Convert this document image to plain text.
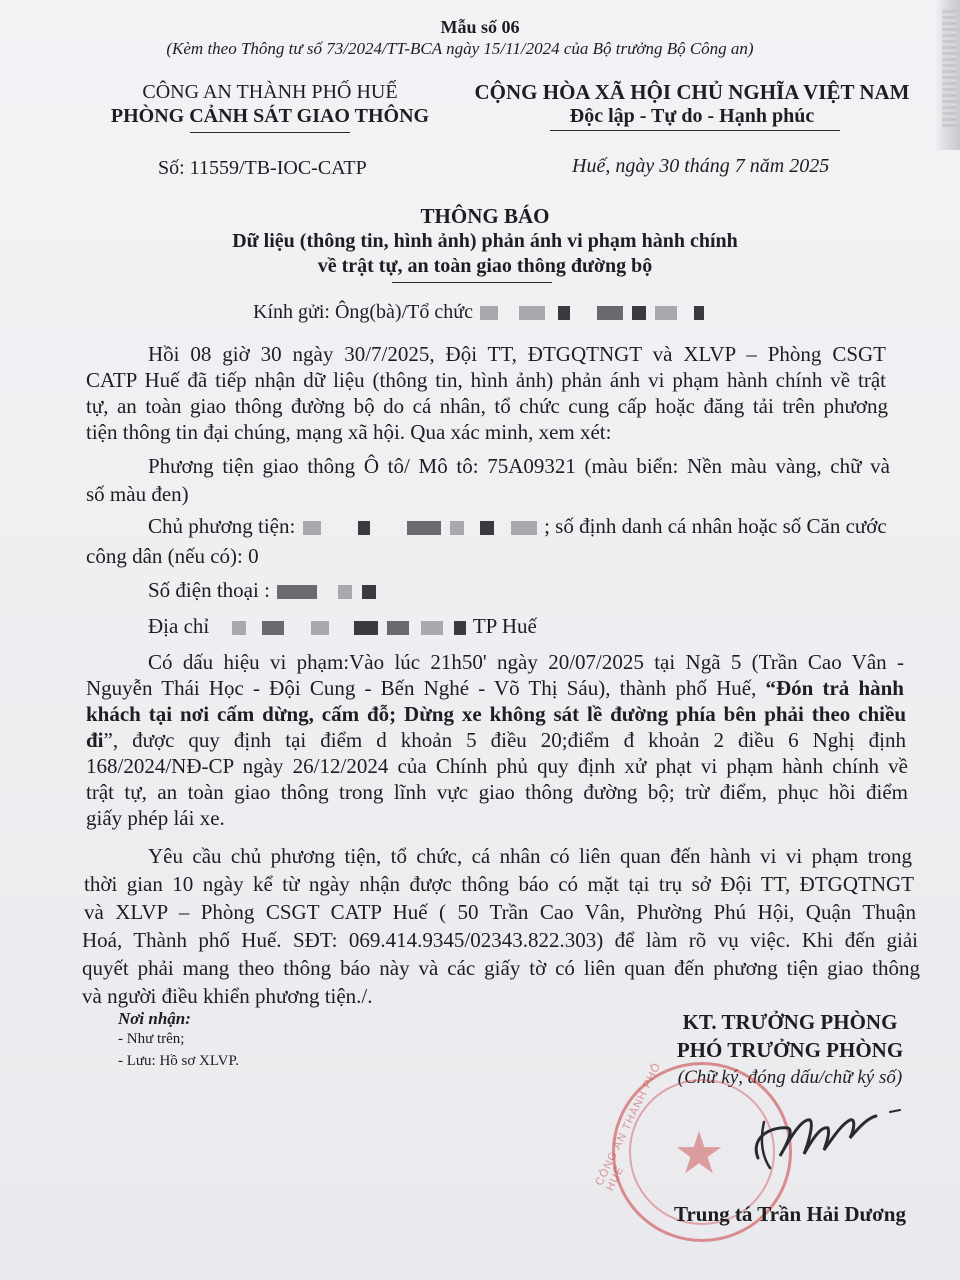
Mẫu số 06
(Kèm theo Thông tư số 73/2024/TT-BCA ngày 15/11/2024 của Bộ trưởng Bộ Công an)
CÔNG AN THÀNH PHỐ HUẾ
PHÒNG CẢNH SÁT GIAO THÔNG
CỘNG HÒA XÃ HỘI CHỦ NGHĨA VIỆT NAM
Độc lập - Tự do - Hạnh phúc
Số: 11559/TB-IOC-CATP	Huế, ngày 30 tháng 7 năm 2025
THÔNG BÁO
Dữ liệu (thông tin, hình ảnh) phản ánh vi phạm hành chính
về trật tự, an toàn giao thông đường bộ
Kính gửi: Ông(bà)/Tổ chức
Hồi 08 giờ 30 ngày 30/7/2025, Đội TT, ĐTGQTNGT và XLVP – Phòng CSGT
CATP Huế đã tiếp nhận dữ liệu (thông tin, hình ảnh) phản ánh vi phạm hành chính về trật
tự, an toàn giao thông đường bộ do cá nhân, tổ chức cung cấp hoặc đăng tải trên phương
tiện thông tin đại chúng, mạng xã hội. Qua xác minh, xem xét:
Phương tiện giao thông Ô tô/ Mô tô: 75A09321 (màu biển: Nền màu vàng, chữ và
số màu đen)
Chủ phương tiện:	; số định danh cá nhân hoặc số Căn cước
công dân (nếu có): 0
Số điện thoại :
Địa chỉ	TP Huế
Có dấu hiệu vi phạm:Vào lúc 21h50' ngày 20/07/2025 tại Ngã 5 (Trần Cao Vân -
Nguyễn Thái Học - Đội Cung - Bến Nghé - Võ Thị Sáu), thành phố Huế, “Đón trả hành
khách tại nơi cấm dừng, cấm đỗ; Dừng xe không sát lề đường phía bên phải theo chiều
đi”, được quy định tại điểm d khoản 5 điều 20;điểm đ khoản 2 điều 6 Nghị định
168/2024/NĐ-CP ngày 26/12/2024 của Chính phủ quy định xử phạt vi phạm hành chính về
trật tự, an toàn giao thông trong lĩnh vực giao thông đường bộ; trừ điểm, phục hồi điểm
giấy phép lái xe.
Yêu cầu chủ phương tiện, tổ chức, cá nhân có liên quan đến hành vi vi phạm trong
thời gian 10 ngày kể từ ngày nhận được thông báo có mặt tại trụ sở Đội TT, ĐTGQTNGT
và XLVP – Phòng CSGT CATP Huế ( 50 Trần Cao Vân, Phường Phú Hội, Quận Thuận
Hoá, Thành phố Huế. SĐT: 069.414.9345/02343.822.303) để làm rõ vụ việc. Khi đến giải
quyết phải mang theo thông báo này và các giấy tờ có liên quan đến phương tiện giao thông
và người điều khiển phương tiện./.
Nơi nhận:
- Như trên;
- Lưu: Hồ sơ XLVP.
KT. TRƯỞNG PHÒNG
PHÓ TRƯỞNG PHÒNG
(Chữ ký, đóng dấu/chữ ký số)
CÔNG AN THÀNH PHỐ HUẾ ★
Trung tá Trần Hải Dương
